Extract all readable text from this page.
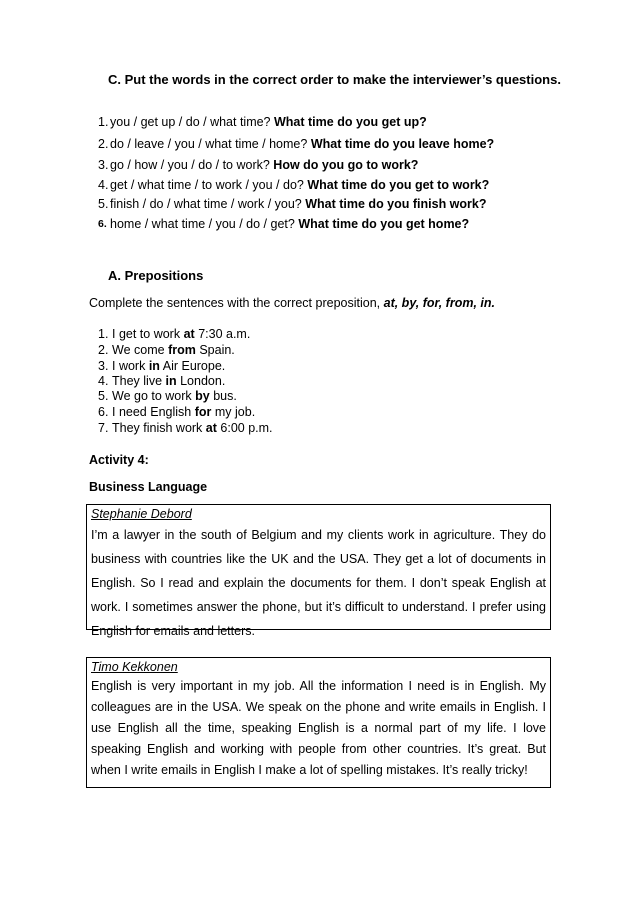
C. Put the words in the correct order to make the interviewer’s questions.
1. you / get up / do / what time? What time do you get up?
2. do / leave / you / what time / home? What time do you leave home?
3. go / how / you / do / to work? How do you go to work?
4. get / what time / to work / you / do? What time do you get to work?
5. finish / do / what time / work / you? What time do you finish work?
6. home / what time / you / do / get? What time do you get home?
A. Prepositions
Complete the sentences with the correct preposition, at, by, for, from, in.
1. I get to work at 7:30 a.m.
2. We come from Spain.
3. I work in Air Europe.
4. They live in London.
5. We go to work by bus.
6. I need English for my job.
7. They finish work at 6:00 p.m.
Activity 4:
Business Language
Stephanie Debord
I’m a lawyer in the south of Belgium and my clients work in agriculture. They do business with countries like the UK and the USA. They get a lot of documents in English. So I read and explain the documents for them. I don’t speak English at work. I sometimes answer the phone, but it’s difficult to understand. I prefer using English for emails and letters.
Timo Kekkonen
English is very important in my job. All the information I need is in English. My colleagues are in the USA. We speak on the phone and write emails in English. I use English all the time, speaking English is a normal part of my life. I love speaking English and working with people from other countries. It’s great. But when I write emails in English I make a lot of spelling mistakes. It’s really tricky!
